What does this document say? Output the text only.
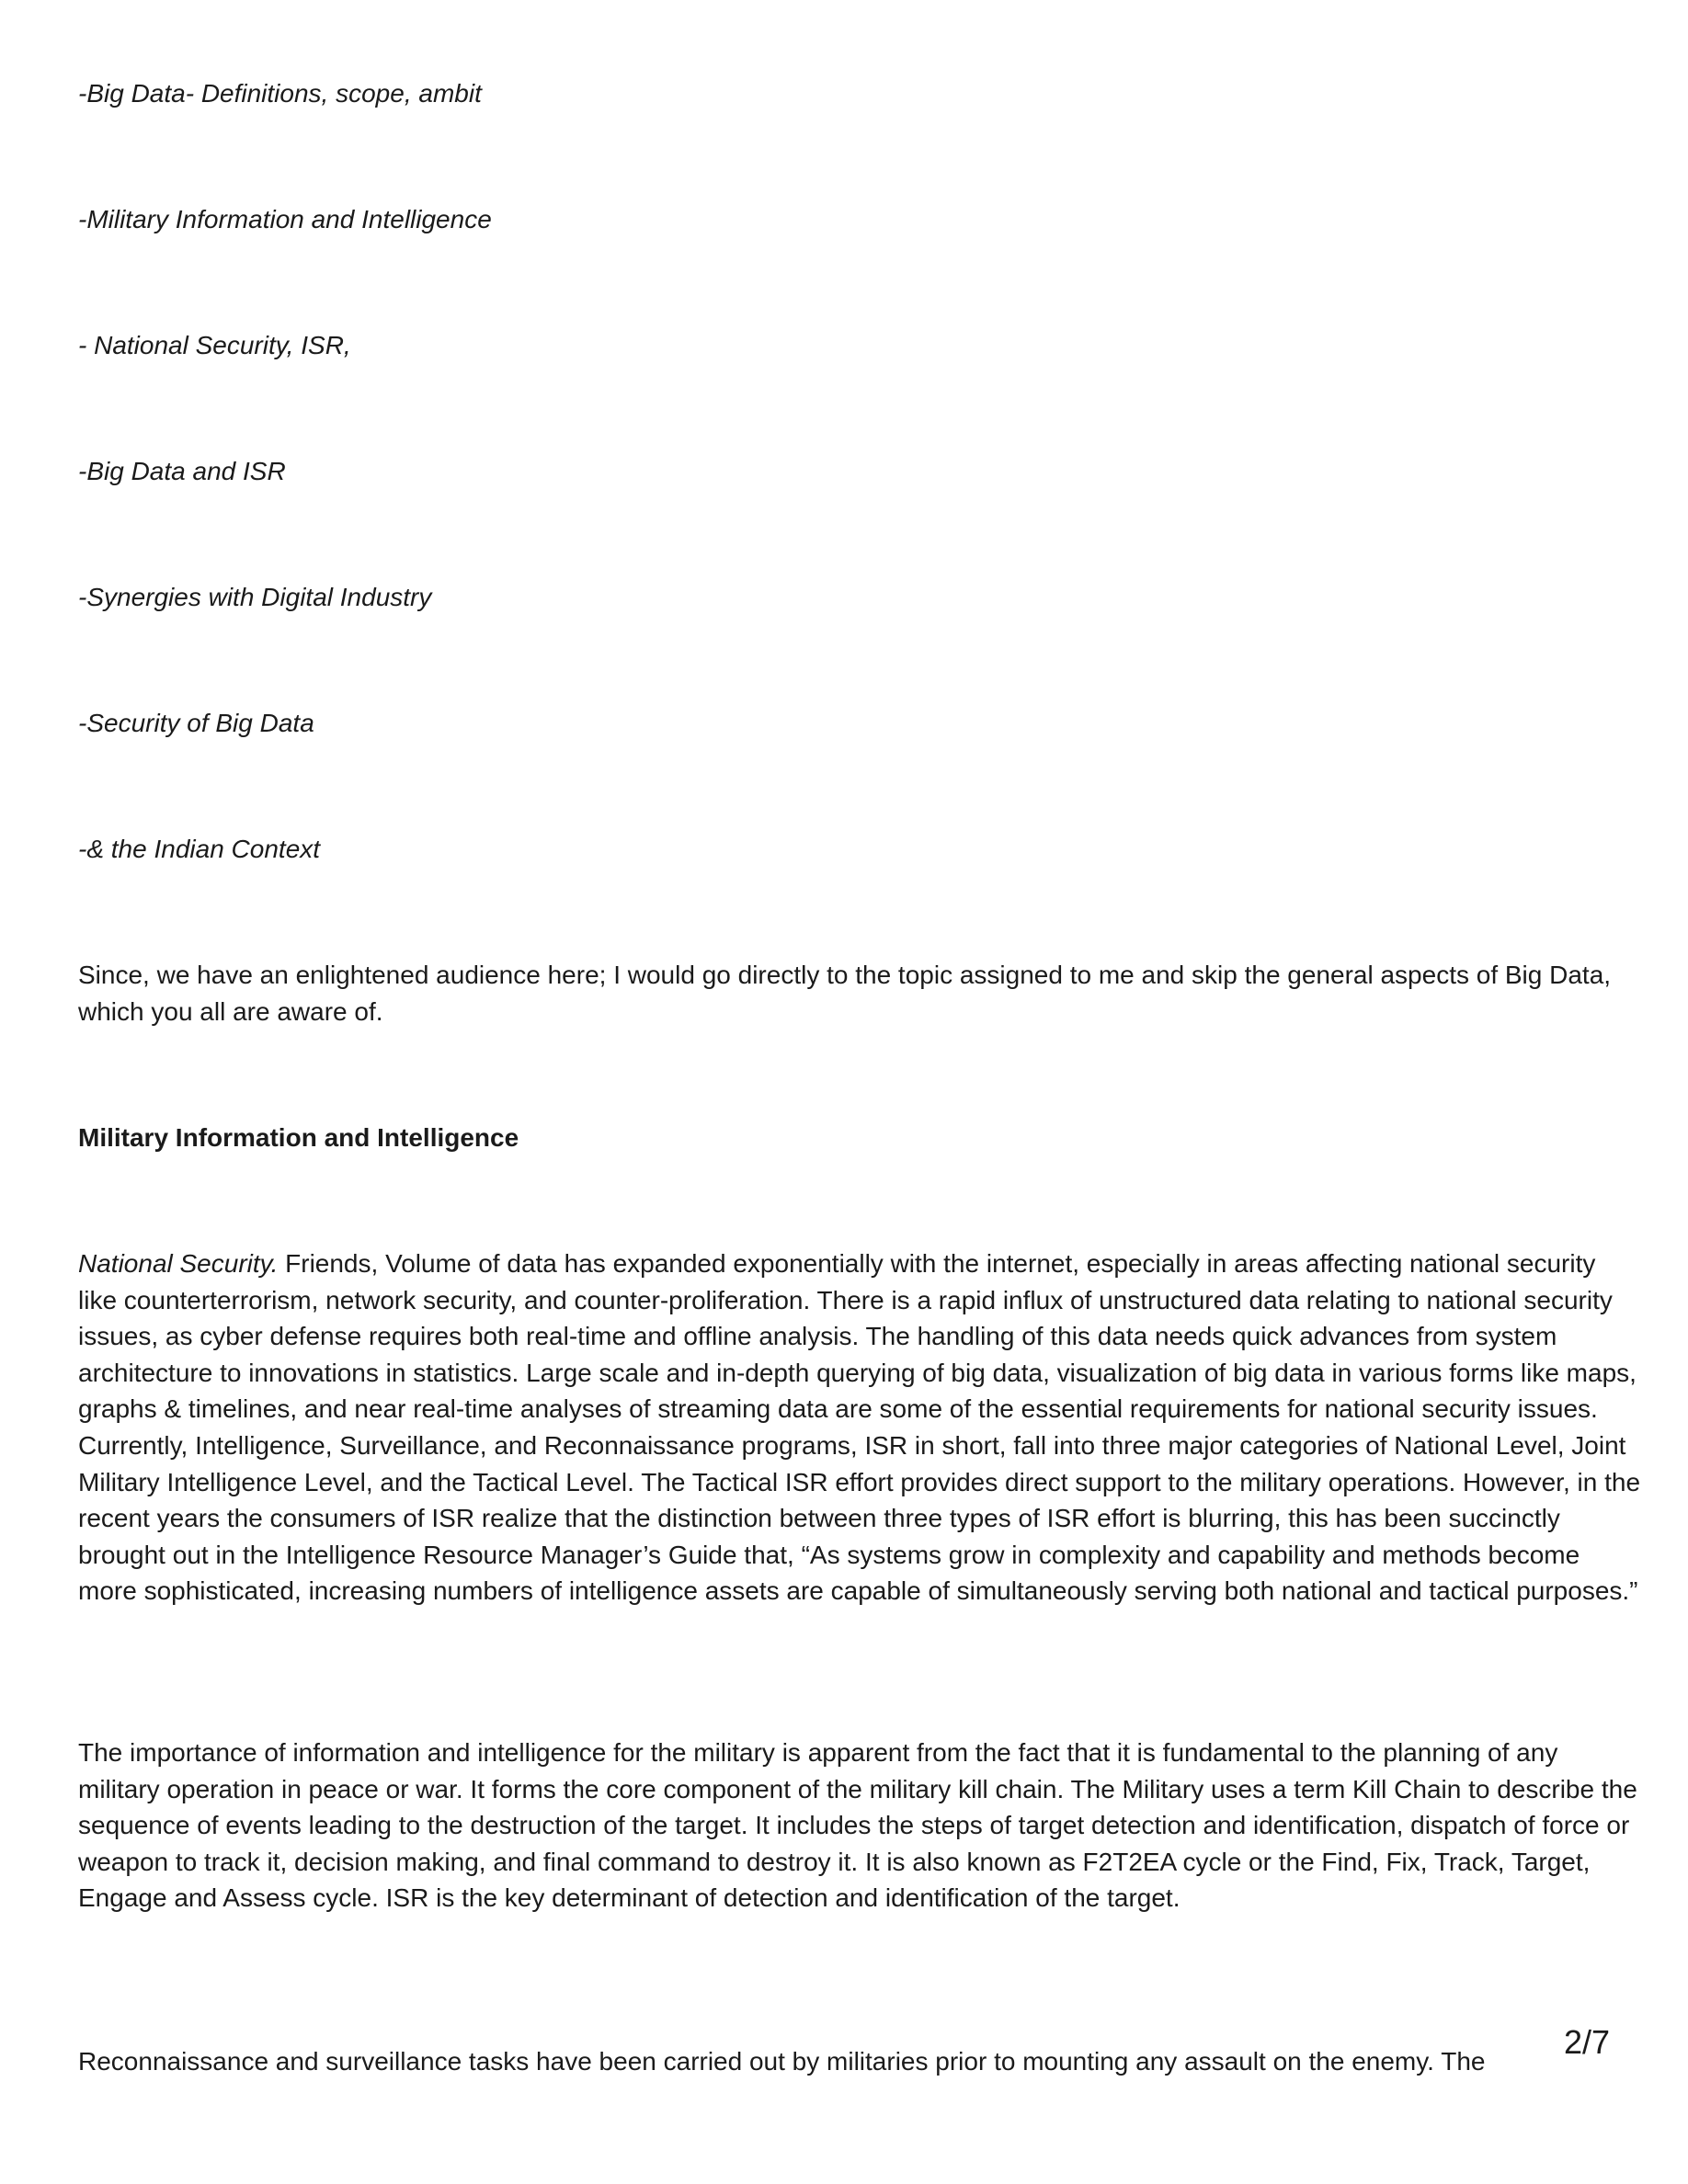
-Big Data- Definitions, scope, ambit
-Military Information and Intelligence
- National Security, ISR,
-Big Data and ISR
-Synergies with Digital Industry
-Security of Big Data
-& the Indian Context

Since, we have an enlightened audience here; I would go directly to the topic assigned to me and skip the general aspects of Big Data, which you all are aware of.

Military Information and Intelligence

National Security. Friends, Volume of data has expanded exponentially with the internet, especially in areas affecting national security like counterterrorism, network security, and counter-proliferation. There is a rapid influx of unstructured data relating to national security issues, as cyber defense requires both real-time and offline analysis. The handling of this data needs quick advances from system architecture to innovations in statistics. Large scale and in-depth querying of big data, visualization of big data in various forms like maps, graphs & timelines, and near real-time analyses of streaming data are some of the essential requirements for national security issues. Currently, Intelligence, Surveillance, and Reconnaissance programs, ISR in short, fall into three major categories of National Level, Joint Military Intelligence Level, and the Tactical Level. The Tactical ISR effort provides direct support to the military operations. However, in the recent years the consumers of ISR realize that the distinction between three types of ISR effort is blurring, this has been succinctly brought out in the Intelligence Resource Manager’s Guide that, “As systems grow in complexity and capability and methods become more sophisticated, increasing numbers of intelligence assets are capable of simultaneously serving both national and tactical purposes.”

The importance of information and intelligence for the military is apparent from the fact that it is fundamental to the planning of any military operation in peace or war. It forms the core component of the military kill chain. The Military uses a term Kill Chain to describe the sequence of events leading to the destruction of the target. It includes the steps of target detection and identification, dispatch of force or weapon to track it, decision making, and final command to destroy it. It is also known as F2T2EA cycle or the Find, Fix, Track, Target, Engage and Assess cycle. ISR is the key determinant of detection and identification of the target.

Reconnaissance and surveillance tasks have been carried out by militaries prior to mounting any assault on the enemy. The

2/7
